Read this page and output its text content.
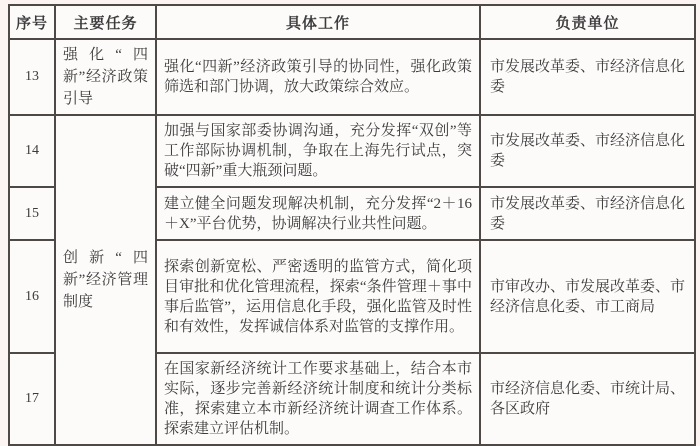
序号	主要任务	具体工作	负责单位
13	强化“四新”经济政策引导	强化“四新”经济政策引导的协同性，强化政策筛选和部门协调，放大政策综合效应。	市发展改革委、市经济信息化委
14	创新“四新”经济管理制度	加强与国家部委协调沟通，充分发挥“双创”等工作部际协调机制，争取在上海先行试点，突破“四新”重大瓶颈问题。	市发展改革委、市经济信息化委
15		建立健全问题发现解决机制，充分发挥“2＋16＋X”平台优势，协调解决行业共性问题。	市发展改革委、市经济信息化委
16		探索创新宽松、严密透明的监管方式，简化项目审批和优化管理流程，探索“条件管理＋事中事后监管”，运用信息化手段，强化监管及时性和有效性，发挥诚信体系对监管的支撑作用。	市审改办、市发展改革委、市经济信息化委、市工商局
17		在国家新经济统计工作要求基础上，结合本市实际，逐步完善新经济统计制度和统计分类标准，探索建立本市新经济统计调查工作体系。探索建立评估机制。	市经济信息化委、市统计局、各区政府
